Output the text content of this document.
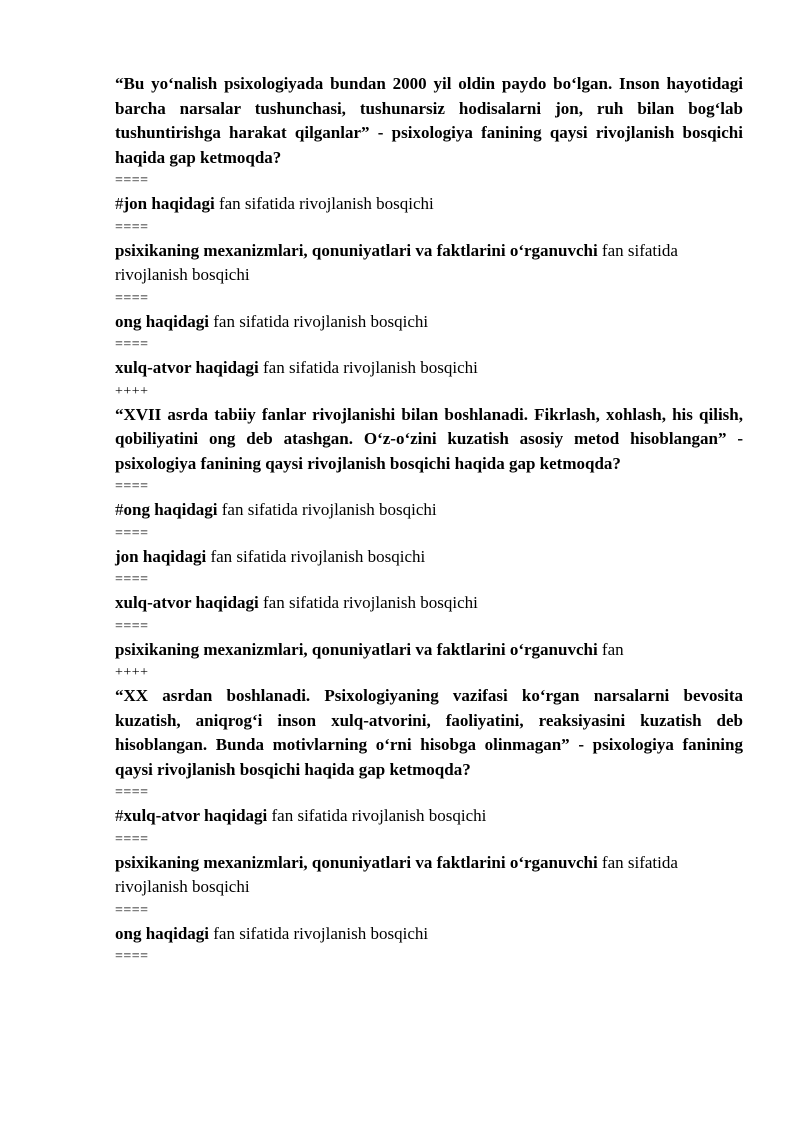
“Bu yo‘nalish psixologiyada bundan 2000 yil oldin paydo bo‘lgan. Inson hayotidagi barcha narsalar tushunchasi, tushunarsiz hodisalarni jon, ruh bilan bog‘lab tushuntirishga harakat qilganlar” - psixologiya fanining qaysi rivojlanish bosqichi haqida gap ketmoqda?
====
#jon haqidagi fan sifatida rivojlanish bosqichi
====
psixikaning mexanizmlari, qonuniyatlari va faktlarini o‘rganuvchi fan sifatida rivojlanish bosqichi
====
ong haqidagi fan sifatida rivojlanish bosqichi
====
xulq-atvor haqidagi fan sifatida rivojlanish bosqichi
++++
“XVII asrda tabiiy fanlar rivojlanishi bilan boshlanadi. Fikrlash, xohlash, his qilish, qobiliyatini ong deb atashgan. O‘z-o‘zini kuzatish asosiy metod hisoblangan” - psixologiya fanining qaysi rivojlanish bosqichi haqida gap ketmoqda?
====
#ong haqidagi fan sifatida rivojlanish bosqichi
====
jon haqidagi fan sifatida rivojlanish bosqichi
====
xulq-atvor haqidagi fan sifatida rivojlanish bosqichi
====
psixikaning mexanizmlari, qonuniyatlari va faktlarini o‘rganuvchi fan
++++
“XX asrdan boshlanadi. Psixologiyaning vazifasi ko‘rgan narsalarni bevosita kuzatish, aniqrog‘i inson xulq-atvorini, faoliyatini, reaksiyasini kuzatish deb hisoblangan. Bunda motivlarning o‘rni hisobga olinmagan” - psixologiya fanining qaysi rivojlanish bosqichi haqida gap ketmoqda?
====
#xulq-atvor haqidagi fan sifatida rivojlanish bosqichi
====
psixikaning mexanizmlari, qonuniyatlari va faktlarini o‘rganuvchi fan sifatida rivojlanish bosqichi
====
ong haqidagi fan sifatida rivojlanish bosqichi
====
